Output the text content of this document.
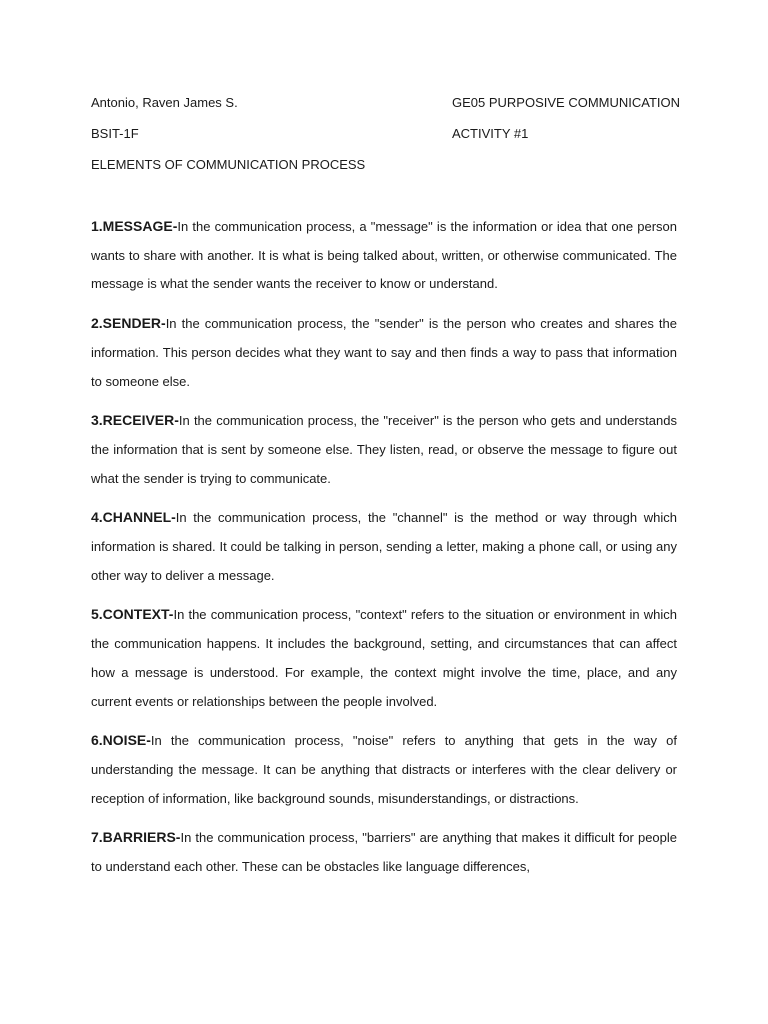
Antonio, Raven James S.	GE05 PURPOSIVE COMMUNICATION
BSIT-1F	ACTIVITY #1
ELEMENTS OF COMMUNICATION PROCESS

1.MESSAGE-In the communication process, a "message" is the information or idea that one person wants to share with another. It is what is being talked about, written, or otherwise communicated. The message is what the sender wants the receiver to know or understand.

2.SENDER-In the communication process, the "sender" is the person who creates and shares the information. This person decides what they want to say and then finds a way to pass that information to someone else.

3.RECEIVER-In the communication process, the "receiver" is the person who gets and understands the information that is sent by someone else. They listen, read, or observe the message to figure out what the sender is trying to communicate.

4.CHANNEL-In the communication process, the "channel" is the method or way through which information is shared. It could be talking in person, sending a letter, making a phone call, or using any other way to deliver a message.

5.CONTEXT-In the communication process, "context" refers to the situation or environment in which the communication happens. It includes the background, setting, and circumstances that can affect how a message is understood. For example, the context might involve the time, place, and any current events or relationships between the people involved.

6.NOISE-In the communication process, "noise" refers to anything that gets in the way of understanding the message. It can be anything that distracts or interferes with the clear delivery or reception of information, like background sounds, misunderstandings, or distractions.

7.BARRIERS-In the communication process, "barriers" are anything that makes it difficult for people to understand each other. These can be obstacles like language differences,
